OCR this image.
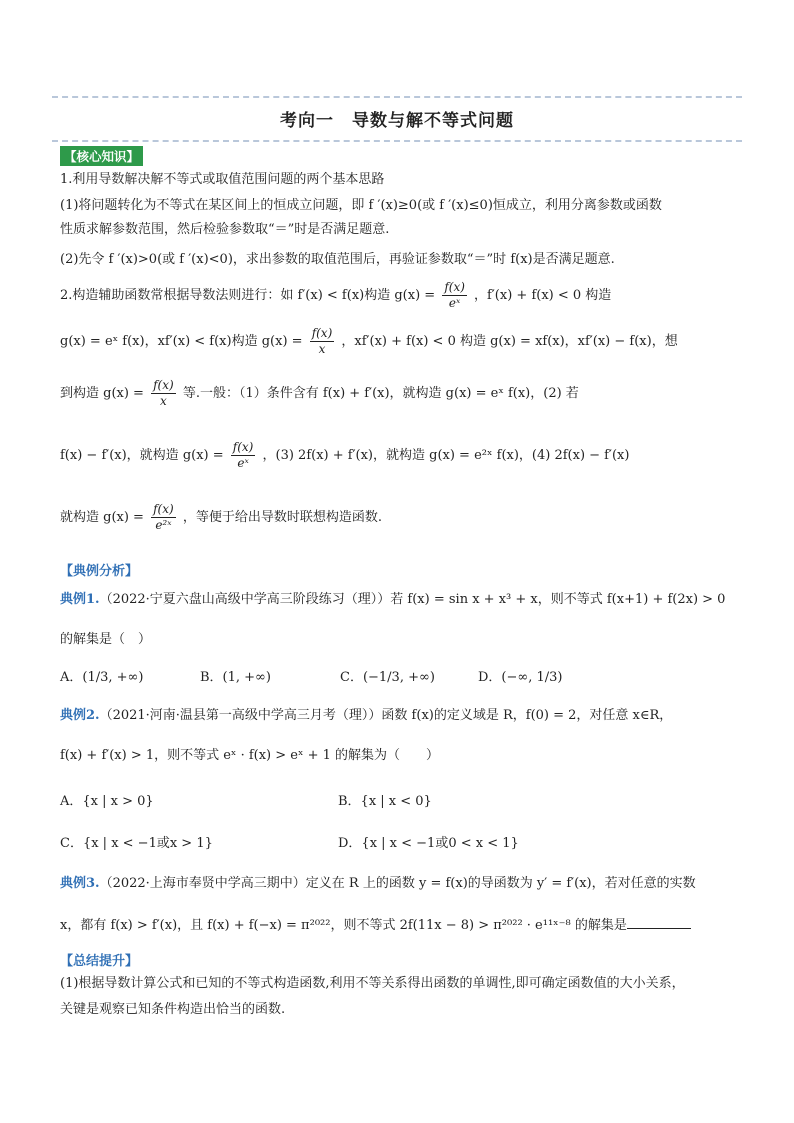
考向一　导数与解不等式问题
【核心知识】
1.利用导数解决解不等式或取值范围问题的两个基本思路
(1)将问题转化为不等式在某区间上的恒成立问题，即 f ′(x)≥0(或 f ′(x)≤0)恒成立，利用分离参数或函数
性质求解参数范围，然后检验参数取“＝”时是否满足题意.
(2)先令 f ′(x)>0(或 f ′(x)<0)，求出参数的取值范围后，再验证参数取“＝”时 f(x)是否满足题意.
2.构造辅助函数常根据导数法则进行：如 f′(x) < f(x)构造 $g(x) = \frac{f(x)}{\text{eˣ}}$ ，f′(x) + f(x) < 0 构造
g(x) = eˣ f(x)，xf′(x) < f(x)构造 $g(x) = \frac{f(x)}{x}$ ，xf′(x) + f(x) < 0 构造 g(x) = xf(x)，xf′(x) − f(x)，想
到构造 $g(x) = \frac{f(x)}{x}$ 等.一般：（1）条件含有 f(x) + f′(x)，就构造 g(x) = eˣ f(x)，(2) 若
f(x) − f′(x)，就构造 $g(x) = \frac{f(x)}{\text{eˣ}}$ ，(3) 2f(x) + f′(x)，就构造 g(x) = e²ˣ f(x)，(4) 2f(x) − f′(x)
就构造 $g(x) = \frac{f(x)}{\text{e²ˣ}}$ ，等便于给出导数时联想构造函数.
【典例分析】
典例1.（2022·宁夏六盘山高级中学高三阶段练习（理））若 f(x) = sin x + x³ + x，则不等式 f(x+1) + f(2x) > 0
的解集是（　）
A．(1/3, +∞)	B．(1, +∞)	C．(−1/3, +∞)	D．(−∞, 1/3)
典例2.（2021·河南·温县第一高级中学高三月考（理））函数 f(x)的定义域是 R，f(0) = 2，对任意 x∈R，
f(x) + f′(x) > 1，则不等式 eˣ · f(x) > eˣ + 1 的解集为（　　）
A．{x | x > 0}	B．{x | x < 0}
C．{x | x < −1或x > 1}	D．{x | x < −1或0 < x < 1}
典例3.（2022·上海市奉贤中学高三期中）定义在 R 上的函数 y = f(x)的导函数为 y′ = f′(x)，若对任意的实数
x，都有 f(x) > f′(x)，且 f(x) + f(−x) = π²⁰²²，则不等式 2f(11x − 8) > π²⁰²² · e¹¹ˣ⁻⁸ 的解集是
【总结提升】
(1)根据导数计算公式和已知的不等式构造函数,利用不等关系得出函数的单调性,即可确定函数值的大小关系，
关键是观察已知条件构造出恰当的函数.
